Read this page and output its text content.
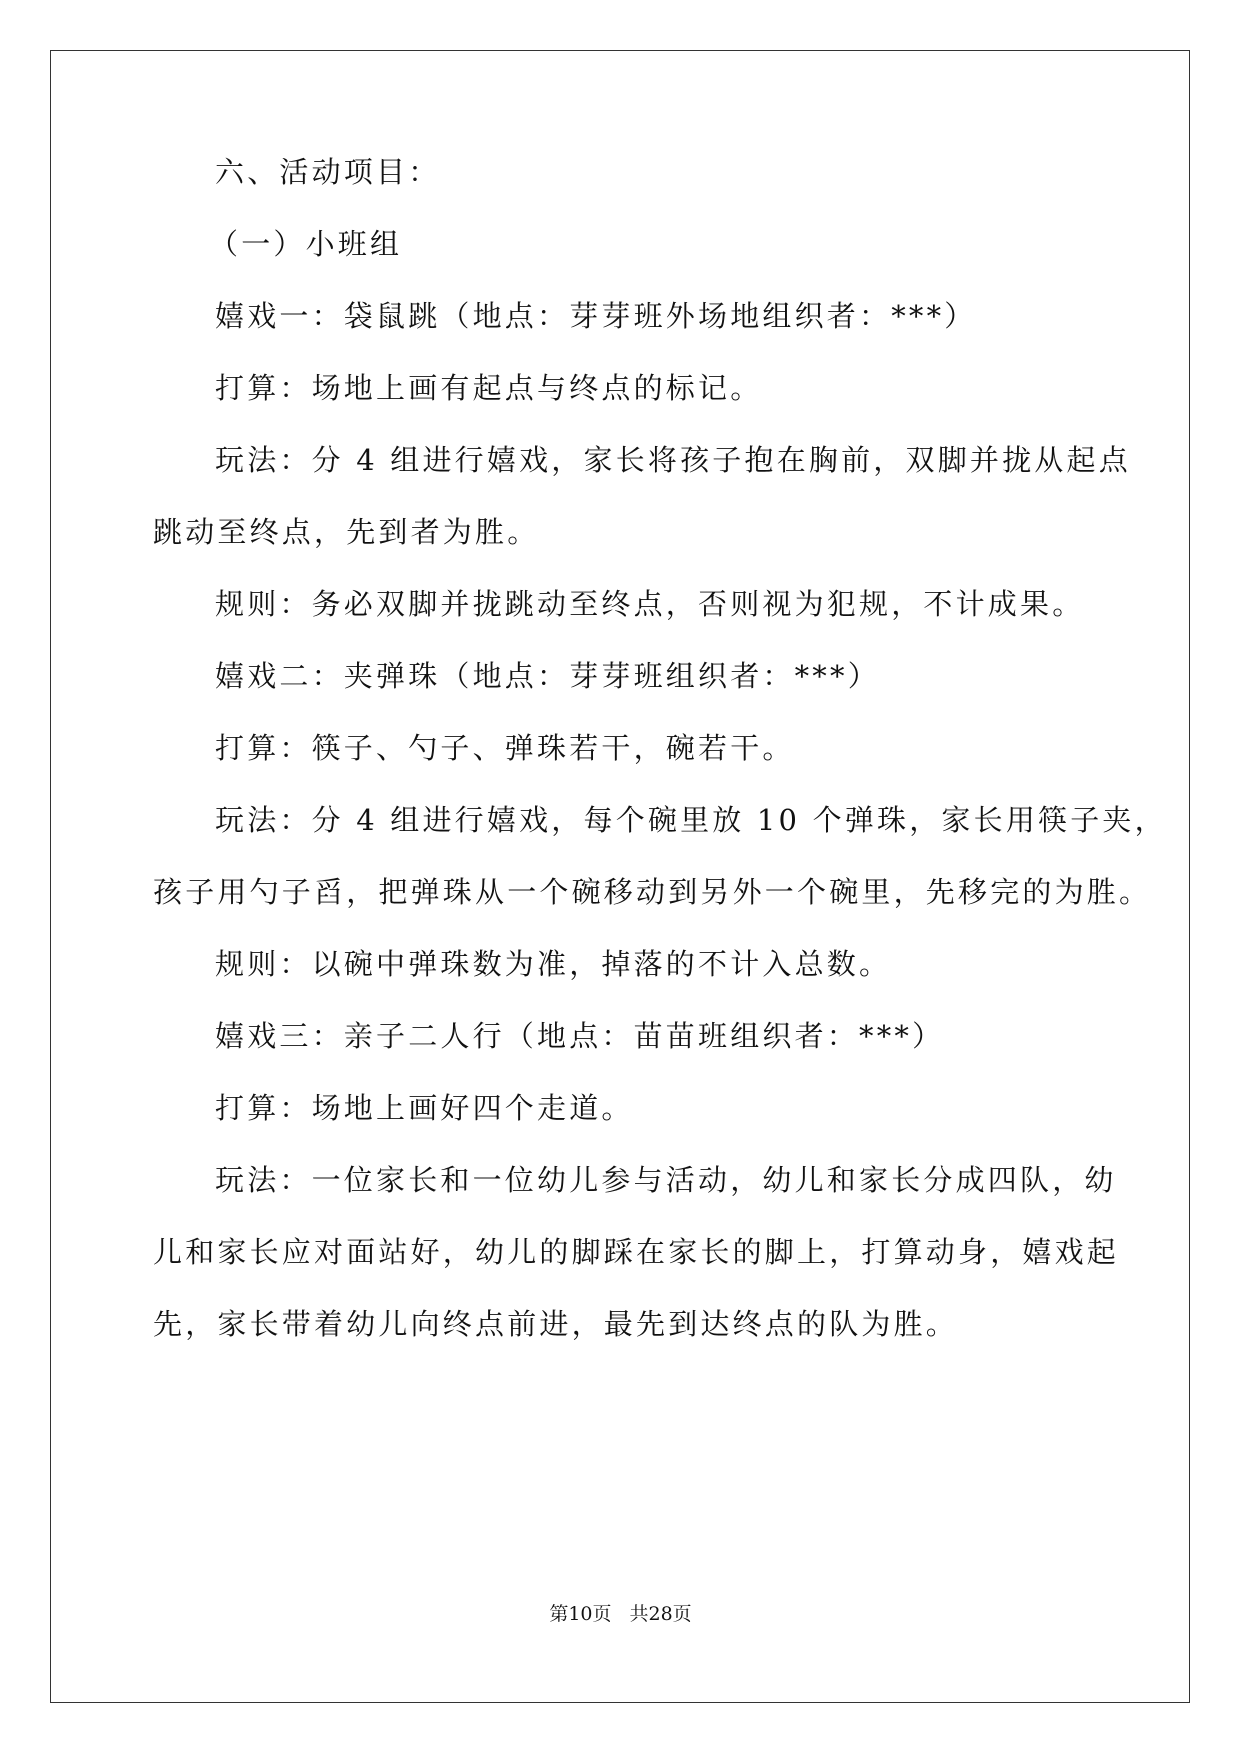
六、活动项目：
（一）小班组
嬉戏一：袋鼠跳（地点：芽芽班外场地组织者：***）
打算：场地上画有起点与终点的标记。
玩法：分 4 组进行嬉戏，家长将孩子抱在胸前，双脚并拢从起点
跳动至终点，先到者为胜。
规则：务必双脚并拢跳动至终点，否则视为犯规，不计成果。
嬉戏二：夹弹珠（地点：芽芽班组织者：***）
打算：筷子、勺子、弹珠若干，碗若干。
玩法：分 4 组进行嬉戏，每个碗里放 10 个弹珠，家长用筷子夹，
孩子用勺子舀，把弹珠从一个碗移动到另外一个碗里，先移完的为胜。
规则：以碗中弹珠数为准，掉落的不计入总数。
嬉戏三：亲子二人行（地点：苗苗班组织者：***）
打算：场地上画好四个走道。
玩法：一位家长和一位幼儿参与活动，幼儿和家长分成四队，幼
儿和家长应对面站好，幼儿的脚踩在家长的脚上，打算动身，嬉戏起
先，家长带着幼儿向终点前进，最先到达终点的队为胜。
第10页 共28页
